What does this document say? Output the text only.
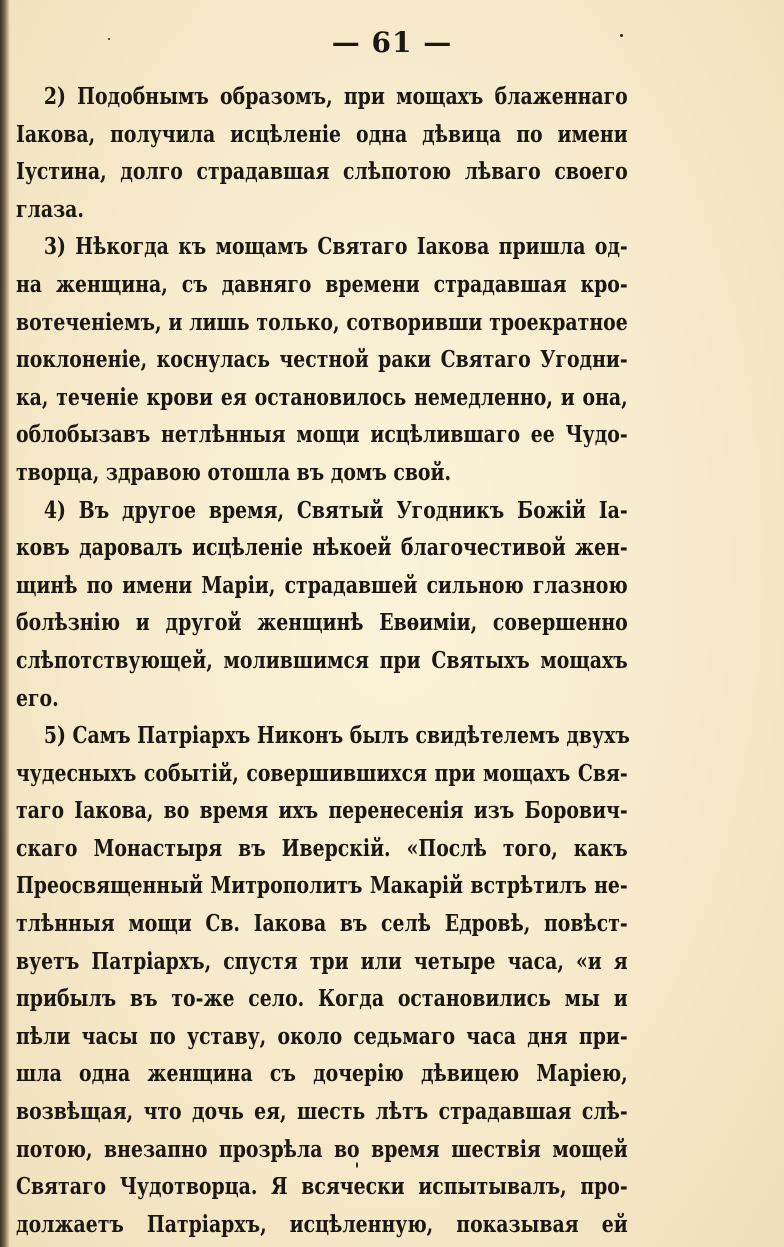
— 61 —
2) Подобнымъ образомъ, при мощахъ блаженнаго
Іакова, получила исцѣленіе одна дѣвица по имени
Іустина, долго страдавшая слѣпотою лѣваго своего
глаза.
3) Нѣкогда къ мощамъ Святаго Іакова пришла од-
на женщина, съ давняго времени страдавшая кро-
вотеченіемъ, и лишь только, сотворивши троекратное
поклоненіе, коснулась честной раки Святаго Угодни-
ка, теченіе крови ея остановилось немедленно, и она,
облобызавъ нетлѣнныя мощи исцѣлившаго ее Чудо-
творца, здравою отошла въ домъ свой.
4) Въ другое время, Святый Угодникъ Божій Іа-
ковъ даровалъ исцѣленіе нѣкоей благочестивой жен-
щинѣ по имени Маріи, страдавшей сильною глазною
болѣзнію и другой женщинѣ Евѳиміи, совершенно
слѣпотствующей, молившимся при Святыхъ мощахъ
его.
5) Самъ Патріархъ Никонъ былъ свидѣтелемъ двухъ
чудесныхъ событій, совершившихся при мощахъ Свя-
таго Іакова, во время ихъ перенесенія изъ Борович-
скаго Монастыря въ Иверскій. «Послѣ того, какъ
Преосвященный Митрополитъ Макарій встрѣтилъ не-
тлѣнныя мощи Св. Іакова въ селѣ Едровѣ, повѣст-
вуетъ Патріархъ, спустя три или четыре часа, «и я
прибылъ въ то-же село. Когда остановились мы и
пѣли часы по уставу, около седьмаго часа дня при-
шла одна женщина съ дочерію дѣвицею Маріею,
возвѣщая, что дочь ея, шесть лѣтъ страдавшая слѣ-
потою, внезапно прозрѣла во время шествія мощей
Святаго Чудотворца. Я всячески испытывалъ, про-
должаетъ Патріархъ, исцѣленную, показывая ей
